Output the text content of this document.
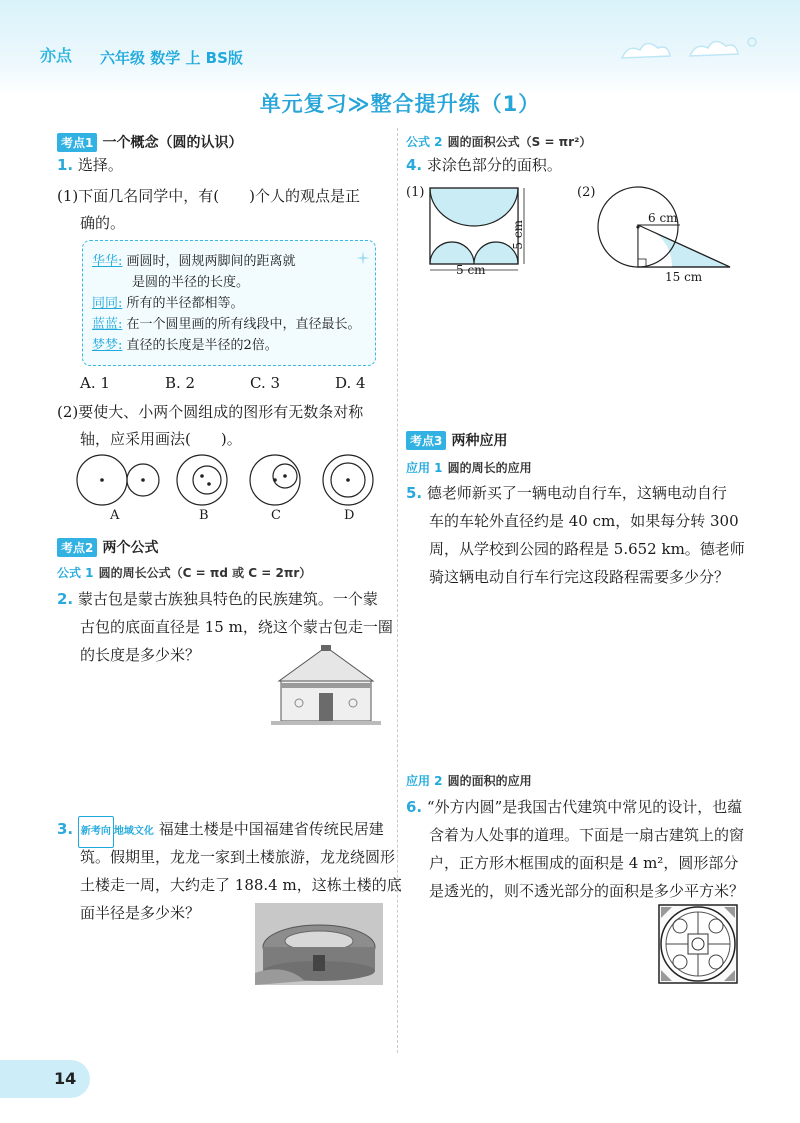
亦点 六年级 数学 上 BS版
单元复习≫整合提升练（1）
考点1 一个概念（圆的认识）
1. 选择。
(1)下面几名同学中，有(　　)个人的观点是正
确的。
华华: 画圆时，圆规两脚间的距离就
是圆的半径的长度。
同同: 所有的半径都相等。
蓝蓝: 在一个圆里画的所有线段中，直径最长。
梦梦: 直径的长度是半径的2倍。
A. 1	B. 2	C. 3	D. 4
(2)要使大、小两个圆组成的图形有无数条对称
轴，应采用画法(　　)。
A	B	C	D
考点2 两个公式
公式 1 圆的周长公式（C = πd 或 C = 2πr）
2. 蒙古包是蒙古族独具特色的民族建筑。一个蒙
古包的底面直径是 15 m，绕这个蒙古包走一圈
的长度是多少米？
3. 新考向 地域文化 福建土楼是中国福建省传统民居建
筑。假期里，龙龙一家到土楼旅游，龙龙绕圆形
土楼走一周，大约走了 188.4 m，这栋土楼的底
面半径是多少米？
公式 2 圆的面积公式（S = πr²）
4. 求涂色部分的面积。
(1)
5 cm
5 cm
(2)
6 cm
15 cm
考点3 两种应用
应用 1 圆的周长的应用
5. 德老师新买了一辆电动自行车，这辆电动自行
车的车轮外直径约是 40 cm，如果每分转 300
周，从学校到公园的路程是 5.652 km。德老师
骑这辆电动自行车行完这段路程需要多少分？
应用 2 圆的面积的应用
6. “外方内圆”是我国古代建筑中常见的设计，也蕴
含着为人处事的道理。下面是一扇古建筑上的窗
户，正方形木框围成的面积是 4 m²，圆形部分
是透光的，则不透光部分的面积是多少平方米？
14
